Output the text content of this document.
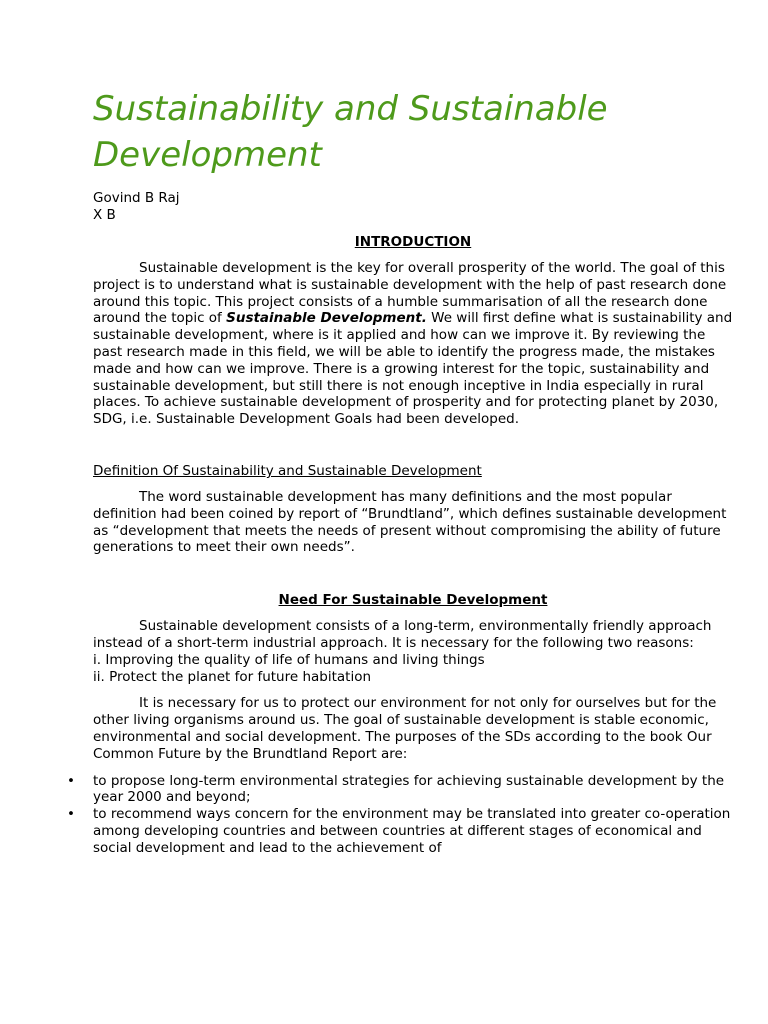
Sustainability and Sustainable Development
Govind B Raj
X B

INTRODUCTION

Sustainable development is the key for overall prosperity of the world. The goal of this project is to understand what is sustainable development with the help of past research done around this topic. This project consists of a humble summarisation of all the research done around the topic of Sustainable Development. We will first define what is sustainability and sustainable development, where is it applied and how can we improve it. By reviewing the past research made in this field, we will be able to identify the progress made, the mistakes made and how can we improve. There is a growing interest for the topic, sustainability and sustainable development, but still there is not enough inceptive in India especially in rural places. To achieve sustainable development of prosperity and for protecting planet by 2030, SDG, i.e. Sustainable Development Goals had been developed.

Definition Of Sustainability and Sustainable Development

The word sustainable development has many definitions and the most popular definition had been coined by report of “Brundtland”, which defines sustainable development as “development that meets the needs of present without compromising the ability of future generations to meet their own needs”.

Need For Sustainable Development

Sustainable development consists of a long-term, environmentally friendly approach instead of a short-term industrial approach. It is necessary for the following two reasons:

i. Improving the quality of life of humans and living things
ii. Protect the planet for future habitation

It is necessary for us to protect our environment for not only for ourselves but for the other living organisms around us. The goal of sustainable development is stable economic, environmental and social development. The purposes of the SDs according to the book Our Common Future by the Brundtland Report are:

• to propose long-term environmental strategies for achieving sustainable development by the year 2000 and beyond;
• to recommend ways concern for the environment may be translated into greater co-operation among developing countries and between countries at different stages of economical and social development and lead to the achievement of
